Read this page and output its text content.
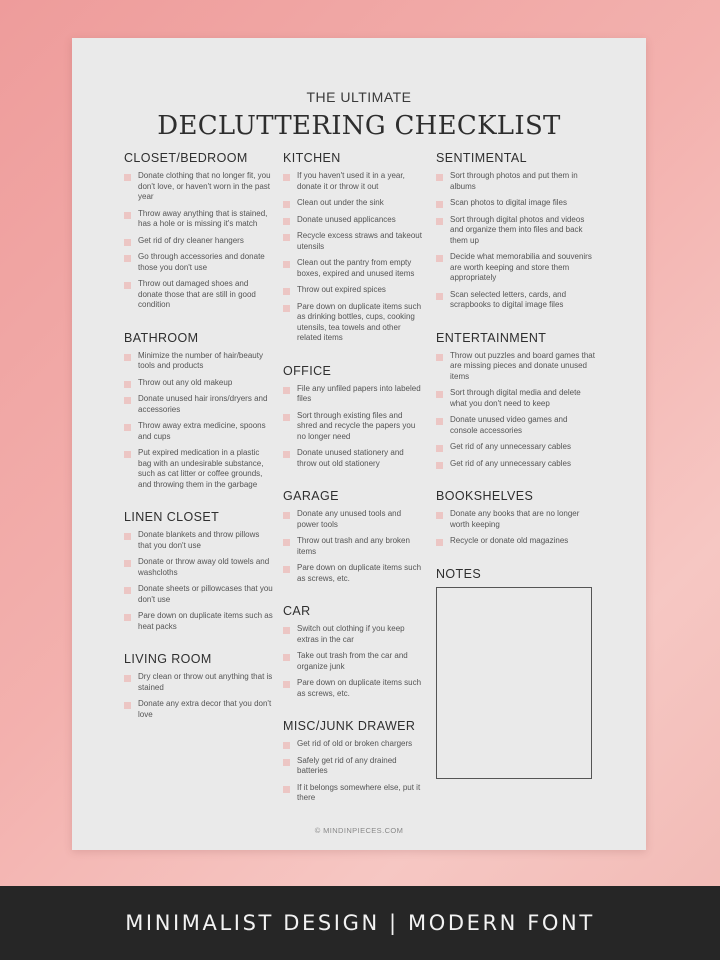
THE ULTIMATE
DECLUTTERING CHECKLIST
CLOSET/BEDROOM
Donate clothing that no longer fit, you don't love, or haven't worn in the past year
Throw away anything that is stained, has a hole or is missing it's match
Get rid of dry cleaner hangers
Go through accessories and donate those you don't use
Throw out damaged shoes and donate those that are still in good condition
BATHROOM
Minimize the number of hair/beauty tools and products
Throw out any old makeup
Donate unused hair irons/dryers and accessories
Throw away extra medicine, spoons and cups
Put expired medication in a plastic bag with an undesirable substance, such as cat litter or coffee grounds, and throwing them in the garbage
LINEN CLOSET
Donate blankets and throw pillows that you don't use
Donate or throw away old towels and washcloths
Donate sheets or pillowcases that you don't use
Pare down on duplicate items such as heat packs
LIVING ROOM
Dry clean or throw out anything that is stained
Donate any extra decor that you don't love
KITCHEN
If you haven't used it in a year, donate it or throw it out
Clean out under the sink
Donate unused applicances
Recycle excess straws and takeout utensils
Clean out the pantry from empty boxes, expired and unused items
Throw out expired spices
Pare down on duplicate items such as drinking bottles, cups, cooking utensils, tea towels and other related items
OFFICE
File any unfiled papers into labeled files
Sort through existing files and shred and recycle the papers you no longer need
Donate unused stationery and throw out old stationery
GARAGE
Donate any unused tools and power tools
Throw out trash and any broken items
Pare down on duplicate items such as screws, etc.
CAR
Switch out clothing if you keep extras in the car
Take out trash from the car and organize junk
Pare down on duplicate items such as screws, etc.
MISC/JUNK DRAWER
Get rid of old or broken chargers
Safely get rid of any drained batteries
If it belongs somewhere else, put it there
SENTIMENTAL
Sort through photos and put them in albums
Scan photos to digital image files
Sort through digital photos and videos and organize them into files and back them up
Decide what memorabilia and souvenirs are worth keeping and store them appropriately
Scan selected letters, cards, and scrapbooks to digital image files
ENTERTAINMENT
Throw out puzzles and board games that are missing pieces and donate unused items
Sort through digital media and delete what you don't need to keep
Donate unused video games and console accessories
Get rid of any unnecessary cables
Get rid of any unnecessary cables
BOOKSHELVES
Donate any books that are no longer worth keeping
Recycle or donate old magazines
NOTES
© MINDINPIECES.COM
MINIMALIST DESIGN | MODERN FONT
